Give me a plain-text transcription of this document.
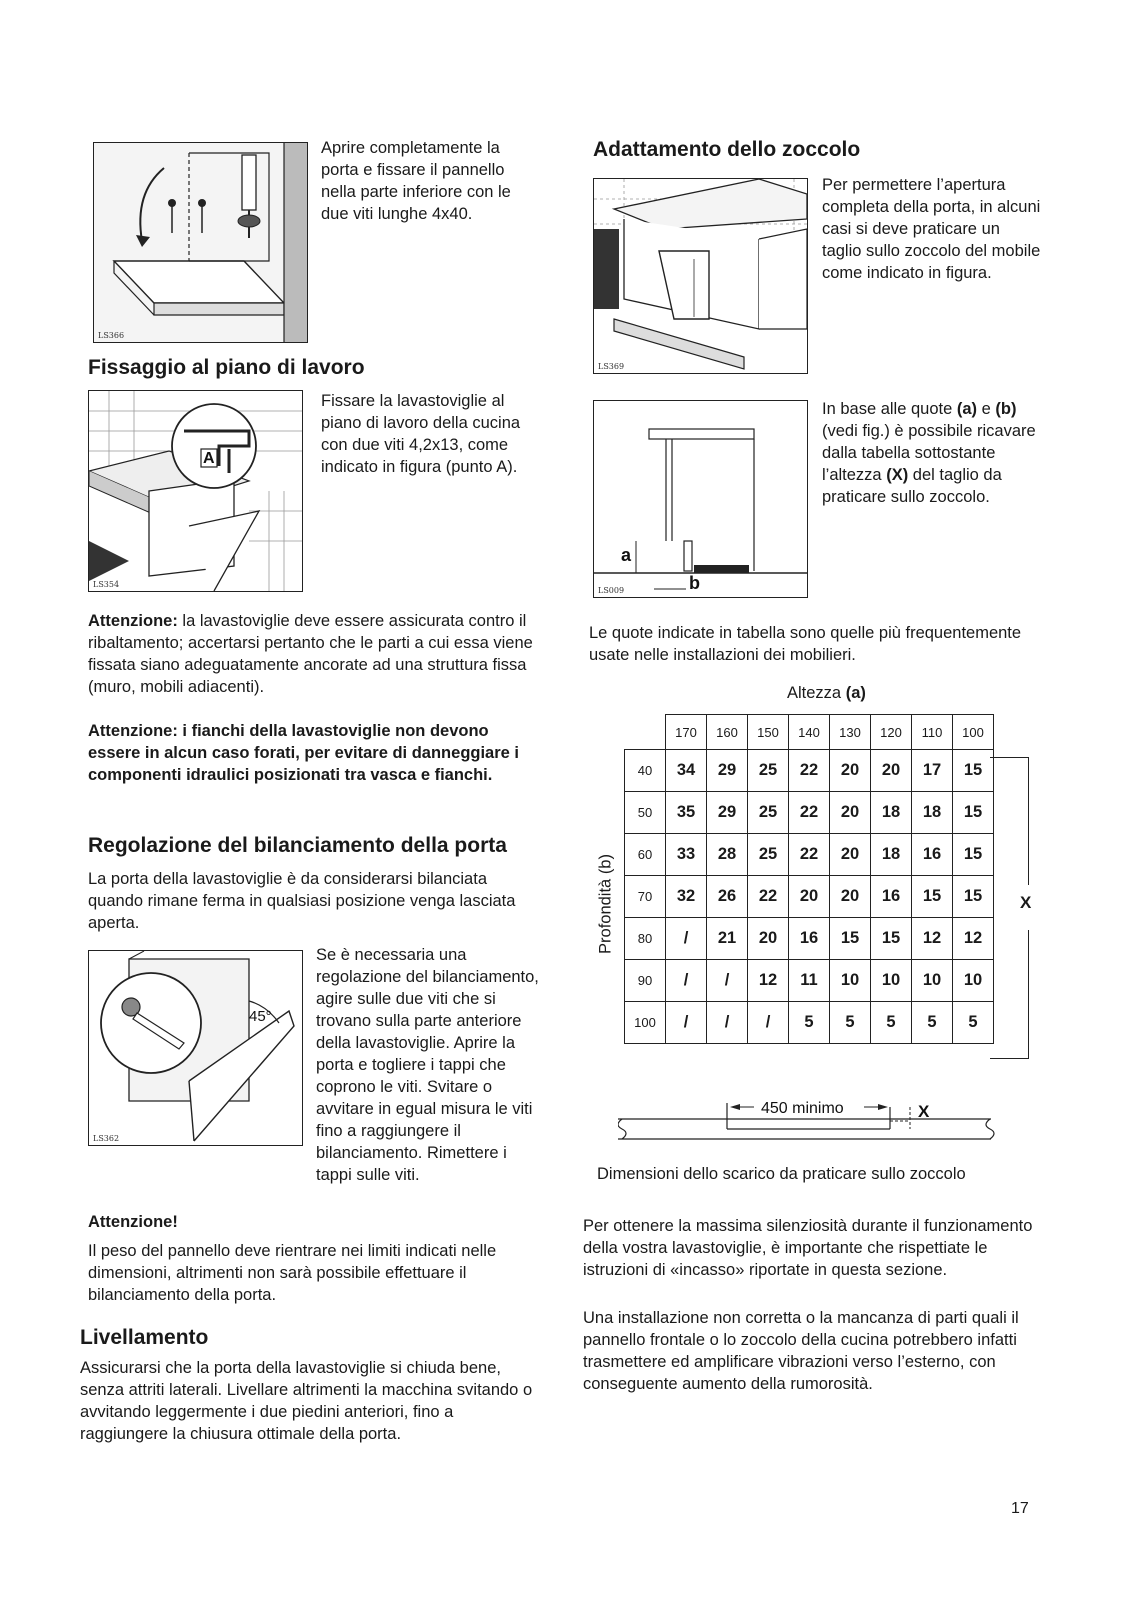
LS366

Aprire completamente la porta e fissare il pannello nella parte inferiore con le due viti lunghe 4x40.

Fissaggio al piano di lavoro
A
LS354

Fissare la lavastoviglie al piano di lavoro della cucina con due viti 4,2x13, come indicato in figura (punto A).

Attenzione: la lavastoviglie deve essere assicurata contro il ribaltamento; accertarsi pertanto che le parti a cui essa viene fissata siano adeguatamente ancorate ad una struttura fissa (muro, mobili adiacenti).

Attenzione: i fianchi della lavastoviglie non devono essere in alcun caso forati, per evitare di danneggiare i componenti idraulici posizionati tra vasca e fianchi.

Regolazione del bilanciamento della porta

La porta della lavastoviglie è da considerarsi bilanciata quando rimane ferma in qualsiasi posizione venga lasciata aperta.

45°
LS362

Se è necessaria una regolazione del bilanciamento, agire sulle due viti che si trovano sulla parte anteriore della lavastoviglie. Aprire la porta e togliere i tappi che coprono le viti. Svitare o avvitare in egual misura le viti fino a raggiungere il bilanciamento. Rimettere i tappi sulle viti.

Attenzione!

Il peso del pannello deve rientrare nei limiti indicati nelle dimensioni, altrimenti non sarà possibile effettuare il bilanciamento della porta.

Livellamento

Assicurarsi che la porta della lavastoviglie si chiuda bene, senza attriti laterali. Livellare altrimenti la macchina svitando o avvitando leggermente i due piedini anteriori, fino a raggiungere la chiusura ottimale della porta.

Adattamento dello zoccolo
LS369

Per permettere l’apertura completa della porta, in alcuni casi si deve praticare un taglio sullo zoccolo del mobile come indicato in figura.

a
b
LS009

In base alle quote (a) e (b) (vedi fig.) è possibile ricavare dalla tabella sottostante l’altezza (X) del taglio da praticare sullo zoccolo.

Le quote indicate in tabella sono quelle più frequentemente usate nelle installazioni dei mobilieri.

Altezza (a)

Profondità (b)
	170	160	150	140	130	120	110	100
40	34	29	25	22	20	20	17	15
50	35	29	25	22	20	18	18	15
60	33	28	25	22	20	18	16	15
70	32	26	22	20	20	16	15	15
80	/	21	20	16	15	15	12	12
90	/	/	12	11	10	10	10	10
100	/	/	/	5	5	5	5	5
X
450 minimo	X

Dimensioni dello scarico da praticare sullo zoccolo

Per ottenere la massima silenziosità durante il funzionamento della vostra lavastoviglie, è importante che rispettiate le istruzioni di «incasso» riportate in questa sezione.

Una installazione non corretta o la mancanza di parti quali il pannello frontale o lo zoccolo della cucina potrebbero infatti trasmettere ed amplificare vibrazioni verso l’esterno, con conseguente aumento della rumorosità.

17
